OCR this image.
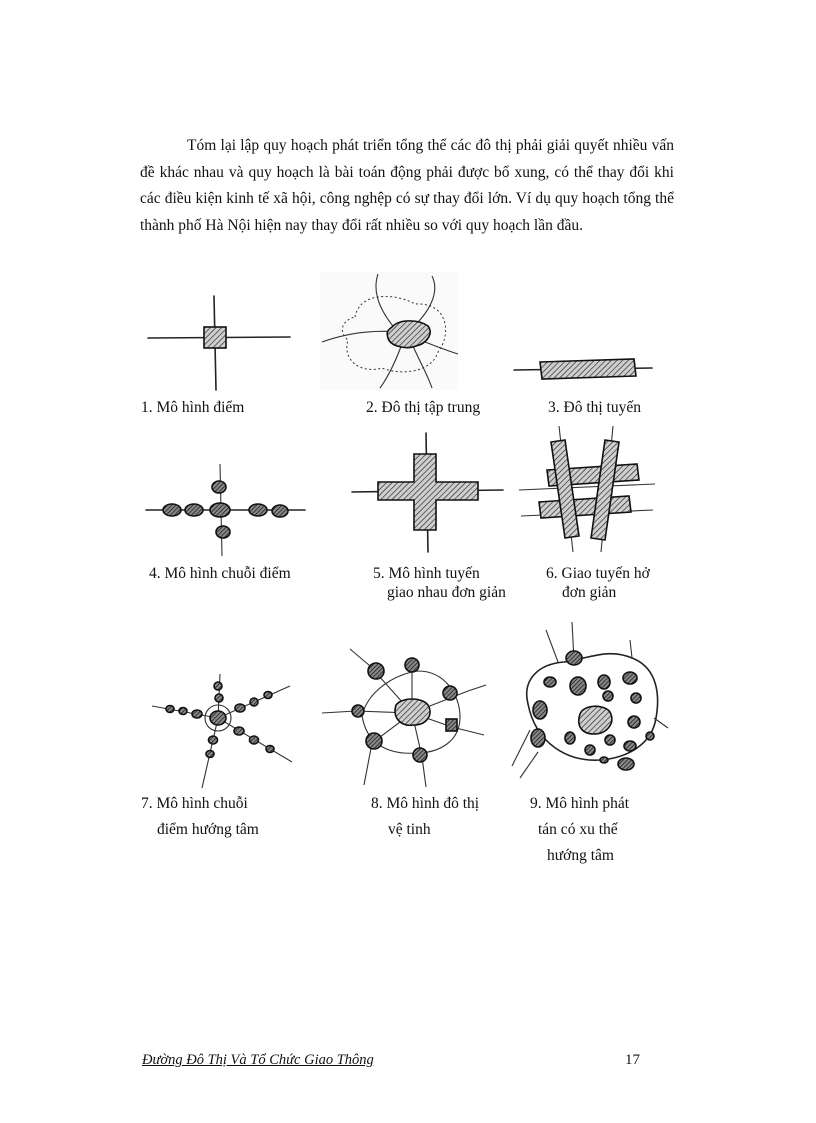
Tóm lại lập quy hoạch phát triển tổng thể các đô thị phải giải quyết nhiều vấn đề khác nhau và quy hoạch là bài toán động phải được bổ xung, có thể thay đổi khi các điều kiện kinh tế xã hội, công nghệp có sự thay đổi lớn. Ví dụ quy hoạch tổng thể thành phố Hà Nội hiện nay thay đổi rất nhiều so với quy hoạch lần đầu.

1. Mô hình điểm	2. Đô thị tập trung	3. Đô thị tuyến
4. Mô hình chuỗi điểm	5. Mô hình tuyến
giao nhau đơn giản
6. Giao tuyến hở
đơn giản
7. Mô hình chuỗi
điểm hướng tâm
8. Mô hình đô thị
vệ tinh
9. Mô hình phát
tán có xu thế
hướng tâm
Đường Đô Thị Và Tổ Chức Giao Thông	17
